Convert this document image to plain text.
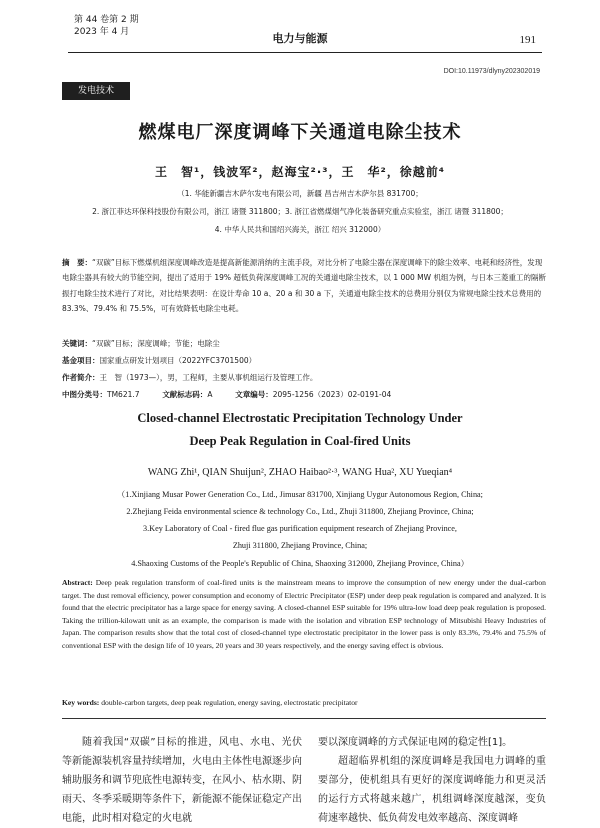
第 44 卷第 2 期
2023 年 4 月	电力与能源	191
DOI:10.11973/dlyny202302019
发电技术
燃煤电厂深度调峰下关通道电除尘技术
王　智¹，钱波军²，赵海宝²·³，王　华²，徐越前⁴
（1. 华能新疆吉木萨尔发电有限公司，新疆 昌吉州吉木萨尔县 831700；
2. 浙江菲达环保科技股份有限公司，浙江 诸暨 311800；3. 浙江省燃煤烟气净化装备研究重点实验室，浙江 诸暨 311800；
4. 中华人民共和国绍兴海关，浙江 绍兴 312000）
摘　要：“双碳”目标下燃煤机组深度调峰改造是提高新能源消纳的主流手段，对比分析了电除尘器在深度调峰下的除尘效率、电耗和经济性，发现电除尘器具有较大的节能空间，提出了适用于 19% 超低负荷深度调峰工况的关通道电除尘技术，以 1 000 MW 机组为例，与日本三菱重工的隔断振打电除尘技术进行了对比，对比结果表明：在设计寿命 10 a、20 a 和 30 a 下，关通道电除尘技术的总费用分别仅为常规电除尘技术总费用的 83.3%、79.4% 和 75.5%，可有效降低电除尘电耗。
关键词：“双碳”目标；深度调峰；节能；电除尘
基金项目：国家重点研发计划项目（2022YFC3701500）
作者简介：王　智（1973—），男，工程师，主要从事机组运行及管理工作。
中图分类号：TM621.7	文献标志码：A	文章编号：2095-1256（2023）02-0191-04
Closed-channel Electrostatic Precipitation Technology Under
Deep Peak Regulation in Coal-fired Units
WANG Zhi¹, QIAN Shuijun², ZHAO Haibao²·³, WANG Hua², XU Yueqian⁴
（1.Xinjiang Musar Power Generation Co., Ltd., Jimusar 831700, Xinjiang Uygur Autonomous Region, China;
2.Zhejiang Feida environmental science & technology Co., Ltd., Zhuji 311800, Zhejiang Province, China;
3.Key Laboratory of Coal - fired flue gas purification equipment research of Zhejiang Province,
Zhuji 311800, Zhejiang Province, China;
4.Shaoxing Customs of the People's Republic of China, Shaoxing 312000, Zhejiang Province, China）
Abstract: Deep peak regulation transform of coal-fired units is the mainstream means to improve the consumption of new energy under the dual-carbon target. The dust removal efficiency, power consumption and economy of Electric Precipitator (ESP) under deep peak regulation is compared and analyzed. It is found that the electric precipitator has a large space for energy saving. A closed-channel ESP suitable for 19% ultra-low load deep peak regulation is proposed. Taking the trillion-kilowatt unit as an example, the comparison is made with the isolation and vibration ESP technology of Mitsubishi Heavy Industries of Japan. The comparison results show that the total cost of closed-channel type electrostatic precipitator in the lower pass is only 83.3%, 79.4% and 75.5% of conventional ESP with the design life of 10 years, 20 years and 30 years respectively, and the energy saving effect is obvious.
Key words: double-carbon targets, deep peak regulation, energy saving, electrostatic precipitator

随着我国“双碳”目标的推进，风电、水电、光伏等新能源装机容量持续增加，火电由主体性电源逐步向辅助服务和调节兜底性电源转变，在风小、枯水期、阴雨天、冬季采暖期等条件下，新能源不能保证稳定产出电能，此时相对稳定的火电就

要以深度调峰的方式保证电网的稳定性[1]。

超超临界机组的深度调峰是我国电力调峰的重要部分，使机组具有更好的深度调峰能力和更灵活的运行方式将越来越广，机组调峰深度越深，变负荷速率越快、低负荷发电效率越高、深度调峰
